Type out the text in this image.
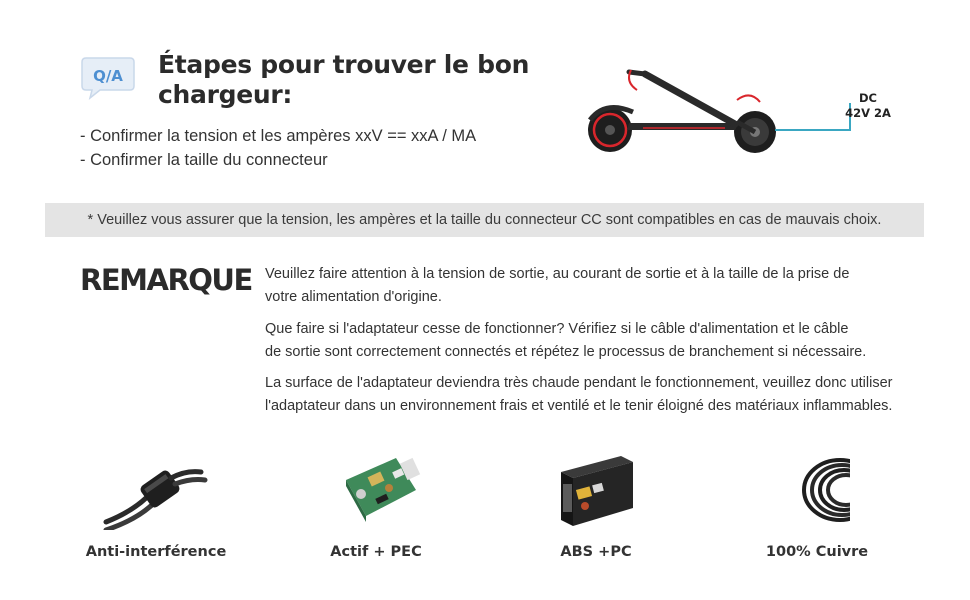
Q/A Étapes pour trouver le bon
chargeur:
- Confirmer la tension et les ampères xxV == xxA / MA
- Confirmer la taille du connecteur
DC
42V 2A
* Veuillez vous assurer que la tension, les ampères et la taille du connecteur CC sont compatibles en cas de mauvais choix.
REMARQUE Veuillez faire attention à la tension de sortie, au courant de sortie et à la taille de la prise de
votre alimentation d'origine.
Que faire si l'adaptateur cesse de fonctionner? Vérifiez si le câble d'alimentation et le câble
de sortie sont correctement connectés et répétez le processus de branchement si nécessaire.
La surface de l'adaptateur deviendra très chaude pendant le fonctionnement, veuillez donc utiliser
l'adaptateur dans un environnement frais et ventilé et le tenir éloigné des matériaux inflammables.
Anti-interférence	Actif + PEC	ABS +PC	100% Cuivre
